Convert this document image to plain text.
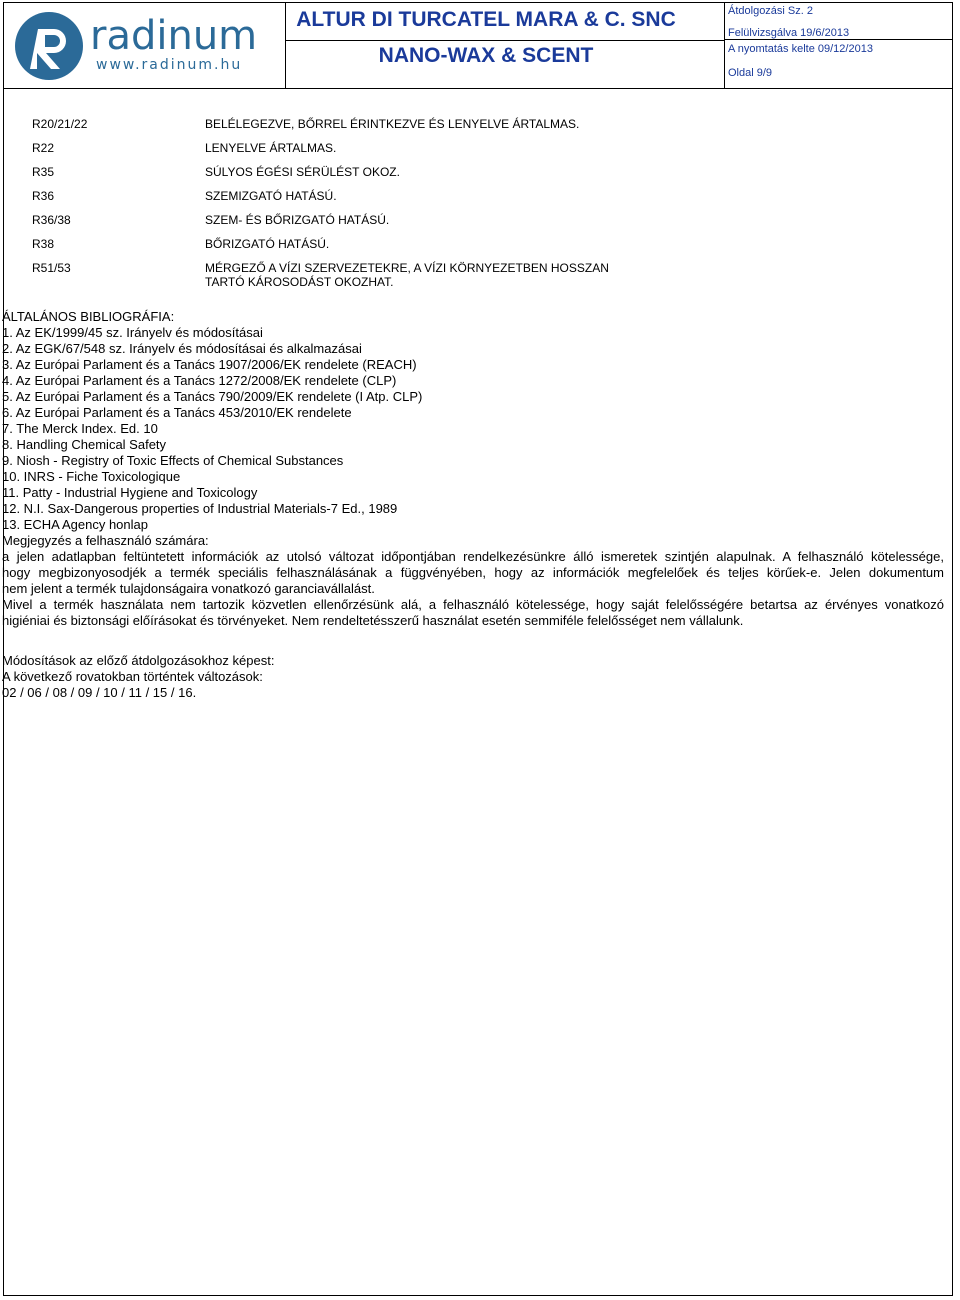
radinum
www.radinum.hu
ALTUR DI TURCATEL MARA & C. SNC
NANO-WAX & SCENT
Átdolgozási Sz. 2
Felülvizsgálva 19/6/2013
A nyomtatás kelte 09/12/2013
Oldal 9/9
R20/21/22	BELÉLEGEZVE, BŐRREL ÉRINTKEZVE ÉS LENYELVE ÁRTALMAS.
R22	LENYELVE ÁRTALMAS.
R35	SÚLYOS ÉGÉSI SÉRÜLÉST OKOZ.
R36	SZEMIZGATÓ HATÁSÚ.
R36/38	SZEM- ÉS BŐRIZGATÓ HATÁSÚ.
R38	BŐRIZGATÓ HATÁSÚ.
R51/53	MÉRGEZŐ A VÍZI SZERVEZETEKRE, A VÍZI KÖRNYEZETBEN HOSSZAN
TARTÓ KÁROSODÁST OKOZHAT.
ÁLTALÁNOS BIBLIOGRÁFIA:
1. Az EK/1999/45 sz. Irányelv és módosításai
2. Az EGK/67/548 sz. Irányelv és módosításai és alkalmazásai
3. Az Európai Parlament és a Tanács 1907/2006/EK rendelete (REACH)
4. Az Európai Parlament és a Tanács 1272/2008/EK rendelete (CLP)
5. Az Európai Parlament és a Tanács 790/2009/EK rendelete (I Atp. CLP)
6. Az Európai Parlament és a Tanács 453/2010/EK rendelete
7. The Merck Index. Ed. 10
8. Handling Chemical Safety
9. Niosh - Registry of Toxic Effects of Chemical Substances
10. INRS - Fiche Toxicologique
11. Patty - Industrial Hygiene and Toxicology
12. N.I. Sax-Dangerous properties of Industrial Materials-7 Ed., 1989
13. ECHA Agency honlap
Megjegyzés a felhasználó számára:
a jelen adatlapban feltüntetett információk az utolsó változat időpontjában rendelkezésünkre álló ismeretek szintjén alapulnak. A felhasználó kötelessége,
hogy megbizonyosodjék a termék speciális felhasználásának a függvényében, hogy az információk megfelelőek és teljes körűek-e. Jelen dokumentum
nem jelent a termék tulajdonságaira vonatkozó garanciavállalást.
Mivel a termék használata nem tartozik közvetlen ellenőrzésünk alá, a felhasználó kötelessége, hogy saját felelősségére betartsa az érvényes vonatkozó
higiéniai és biztonsági előírásokat és törvényeket. Nem rendeltetésszerű használat esetén semmiféle felelősséget nem vállalunk.
Módosítások az előző átdolgozásokhoz képest:
A következő rovatokban történtek változások:
02 / 06 / 08 / 09 / 10 / 11 / 15 / 16.
